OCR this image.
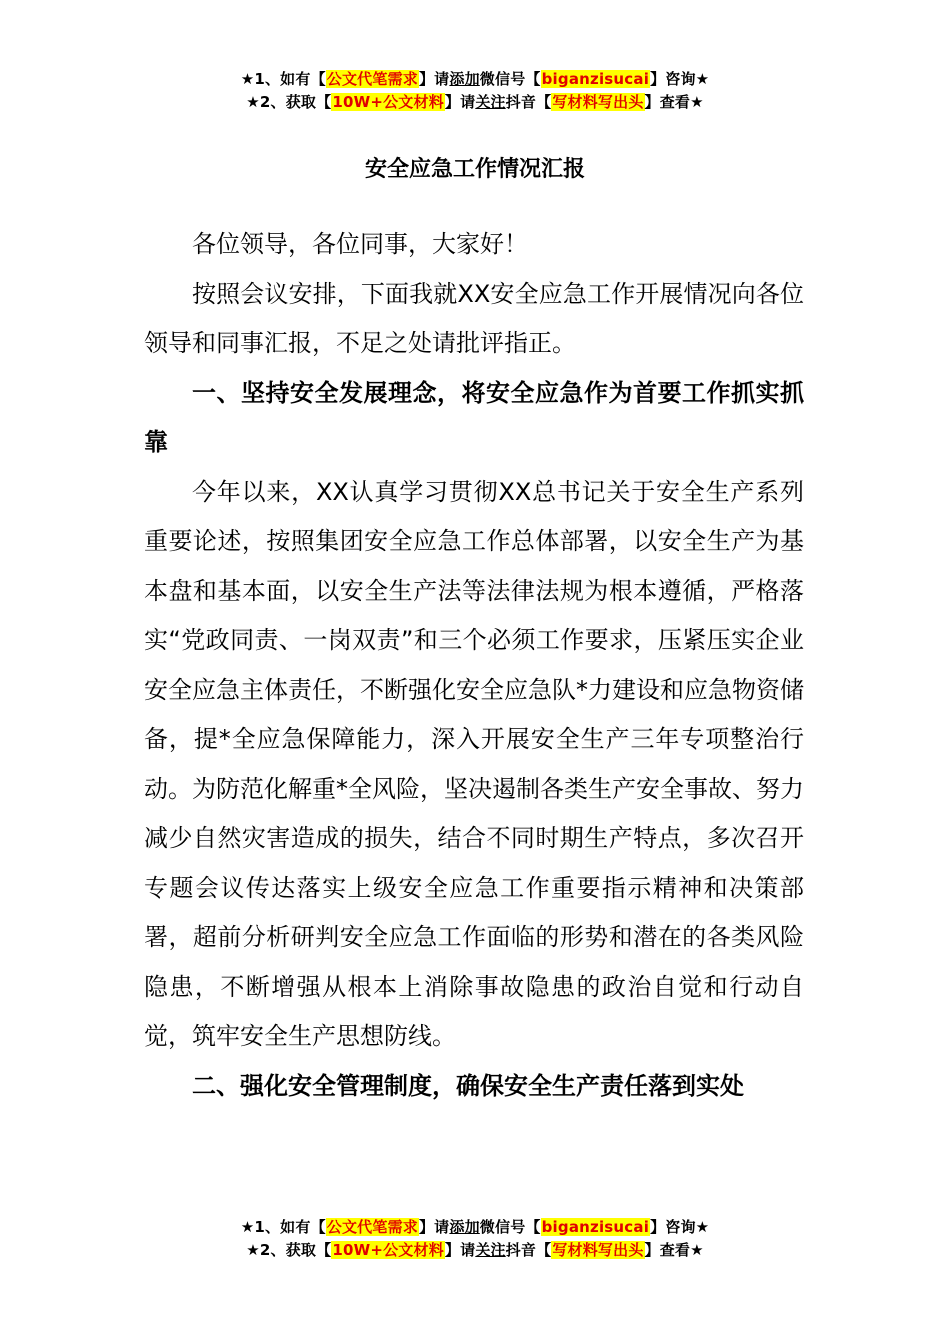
★1、如有【公文代笔需求】请添加微信号【biganzisucai】咨询★
★2、获取【10W+公文材料】请关注抖音【写材料写出头】查看★
安全应急工作情况汇报

各位领导，各位同事，大家好！

按照会议安排，下面我就XX安全应急工作开展情况向各位领导和同事汇报，不足之处请批评指正。

一、坚持安全发展理念，将安全应急作为首要工作抓实抓靠

今年以来，XX认真学习贯彻XX总书记关于安全生产系列重要论述，按照集团安全应急工作总体部署，以安全生产为基本盘和基本面，以安全生产法等法律法规为根本遵循，严格落实“党政同责、一岗双责”和三个必须工作要求，压紧压实企业安全应急主体责任，不断强化安全应急队*力建设和应急物资储备，提*全应急保障能力，深入开展安全生产三年专项整治行动。为防范化解重*全风险，坚决遏制各类生产安全事故、努力减少自然灾害造成的损失，结合不同时期生产特点，多次召开专题会议传达落实上级安全应急工作重要指示精神和决策部署，超前分析研判安全应急工作面临的形势和潜在的各类风险隐患，不断增强从根本上消除事故隐患的政治自觉和行动自觉，筑牢安全生产思想防线。

二、强化安全管理制度，确保安全生产责任落到实处

★1、如有【公文代笔需求】请添加微信号【biganzisucai】咨询★
★2、获取【10W+公文材料】请关注抖音【写材料写出头】查看★
